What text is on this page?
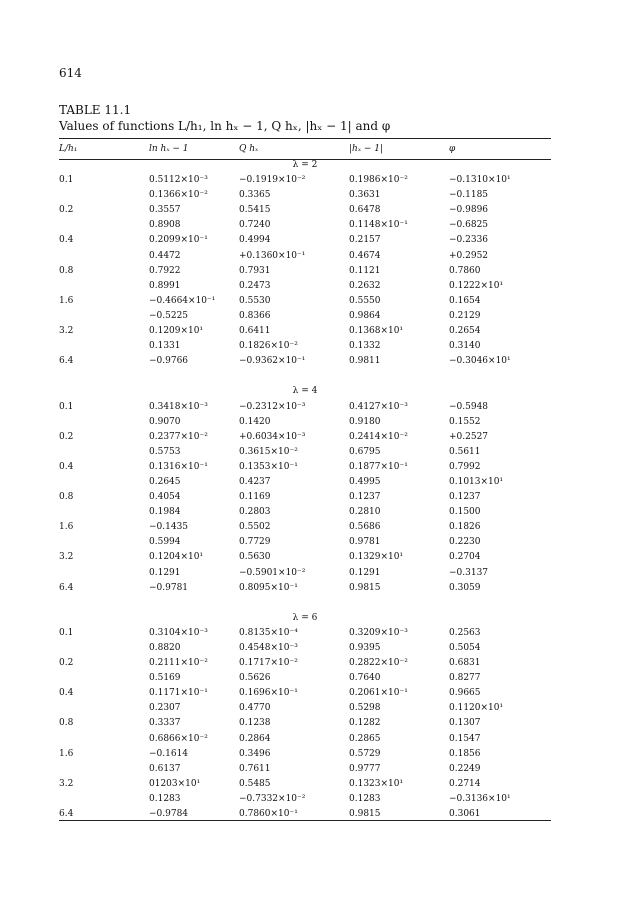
614
TABLE 11.1
Values of functions L/h₁, ln hₓ − 1, Q hₓ, |hₓ − 1| and φ
L/h₁	ln hₓ − 1	Q hₓ	|hₓ − 1|	φ
λ = 2				
0.1	0.5112×10⁻³	−0.1919×10⁻²	0.1986×10⁻²	−0.1310×10¹
	0.1366×10⁻²	0.3365	0.3631	−0.1185
0.2	0.3557	0.5415	0.6478	−0.9896
	0.8908	0.7240	0.1148×10⁻¹	−0.6825
0.4	0.2099×10⁻¹	0.4994	0.2157	−0.2336
	0.4472	+0.1360×10⁻¹	0.4674	+0.2952
0.8	0.7922	0.7931	0.1121	0.7860
	0.8991	0.2473	0.2632	0.1222×10¹
1.6	−0.4664×10⁻¹	0.5530	0.5550	0.1654
	−0.5225	0.8366	0.9864	0.2129
3.2	0.1209×10¹	0.6411	0.1368×10¹	0.2654
	0.1331	0.1826×10⁻²	0.1332	0.3140
6.4	−0.9766	−0.9362×10⁻¹	0.9811	−0.3046×10¹

λ = 4				
0.1	0.3418×10⁻³	−0.2312×10⁻³	0.4127×10⁻³	−0.5948
	0.9070	0.1420	0.9180	0.1552
0.2	0.2377×10⁻²	+0.6034×10⁻³	0.2414×10⁻²	+0.2527
	0.5753	0.3615×10⁻²	0.6795	0.5611
0.4	0.1316×10⁻¹	0.1353×10⁻¹	0.1877×10⁻¹	0.7992
	0.2645	0.4237	0.4995	0.1013×10¹
0.8	0.4054	0.1169	0.1237	0.1237
	0.1984	0.2803	0.2810	0.1500
1.6	−0.1435	0.5502	0.5686	0.1826
	0.5994	0.7729	0.9781	0.2230
3.2	0.1204×10¹	0.5630	0.1329×10¹	0.2704
	0.1291	−0.5901×10⁻²	0.1291	−0.3137
6.4	−0.9781	0.8095×10⁻¹	0.9815	0.3059

λ = 6				
0.1	0.3104×10⁻³	0.8135×10⁻⁴	0.3209×10⁻³	0.2563
	0.8820	0.4548×10⁻³	0.9395	0.5054
0.2	0.2111×10⁻²	0.1717×10⁻²	0.2822×10⁻²	0.6831
	0.5169	0.5626	0.7640	0.8277
0.4	0.1171×10⁻¹	0.1696×10⁻¹	0.2061×10⁻¹	0.9665
	0.2307	0.4770	0.5298	0.1120×10¹
0.8	0.3337	0.1238	0.1282	0.1307
	0.6866×10⁻²	0.2864	0.2865	0.1547
1.6	−0.1614	0.3496	0.5729	0.1856
	0.6137	0.7611	0.9777	0.2249
3.2	01203×10¹	0.5485	0.1323×10¹	0.2714
	0.1283	−0.7332×10⁻²	0.1283	−0.3136×10¹
6.4	−0.9784	0.7860×10⁻¹	0.9815	0.3061
